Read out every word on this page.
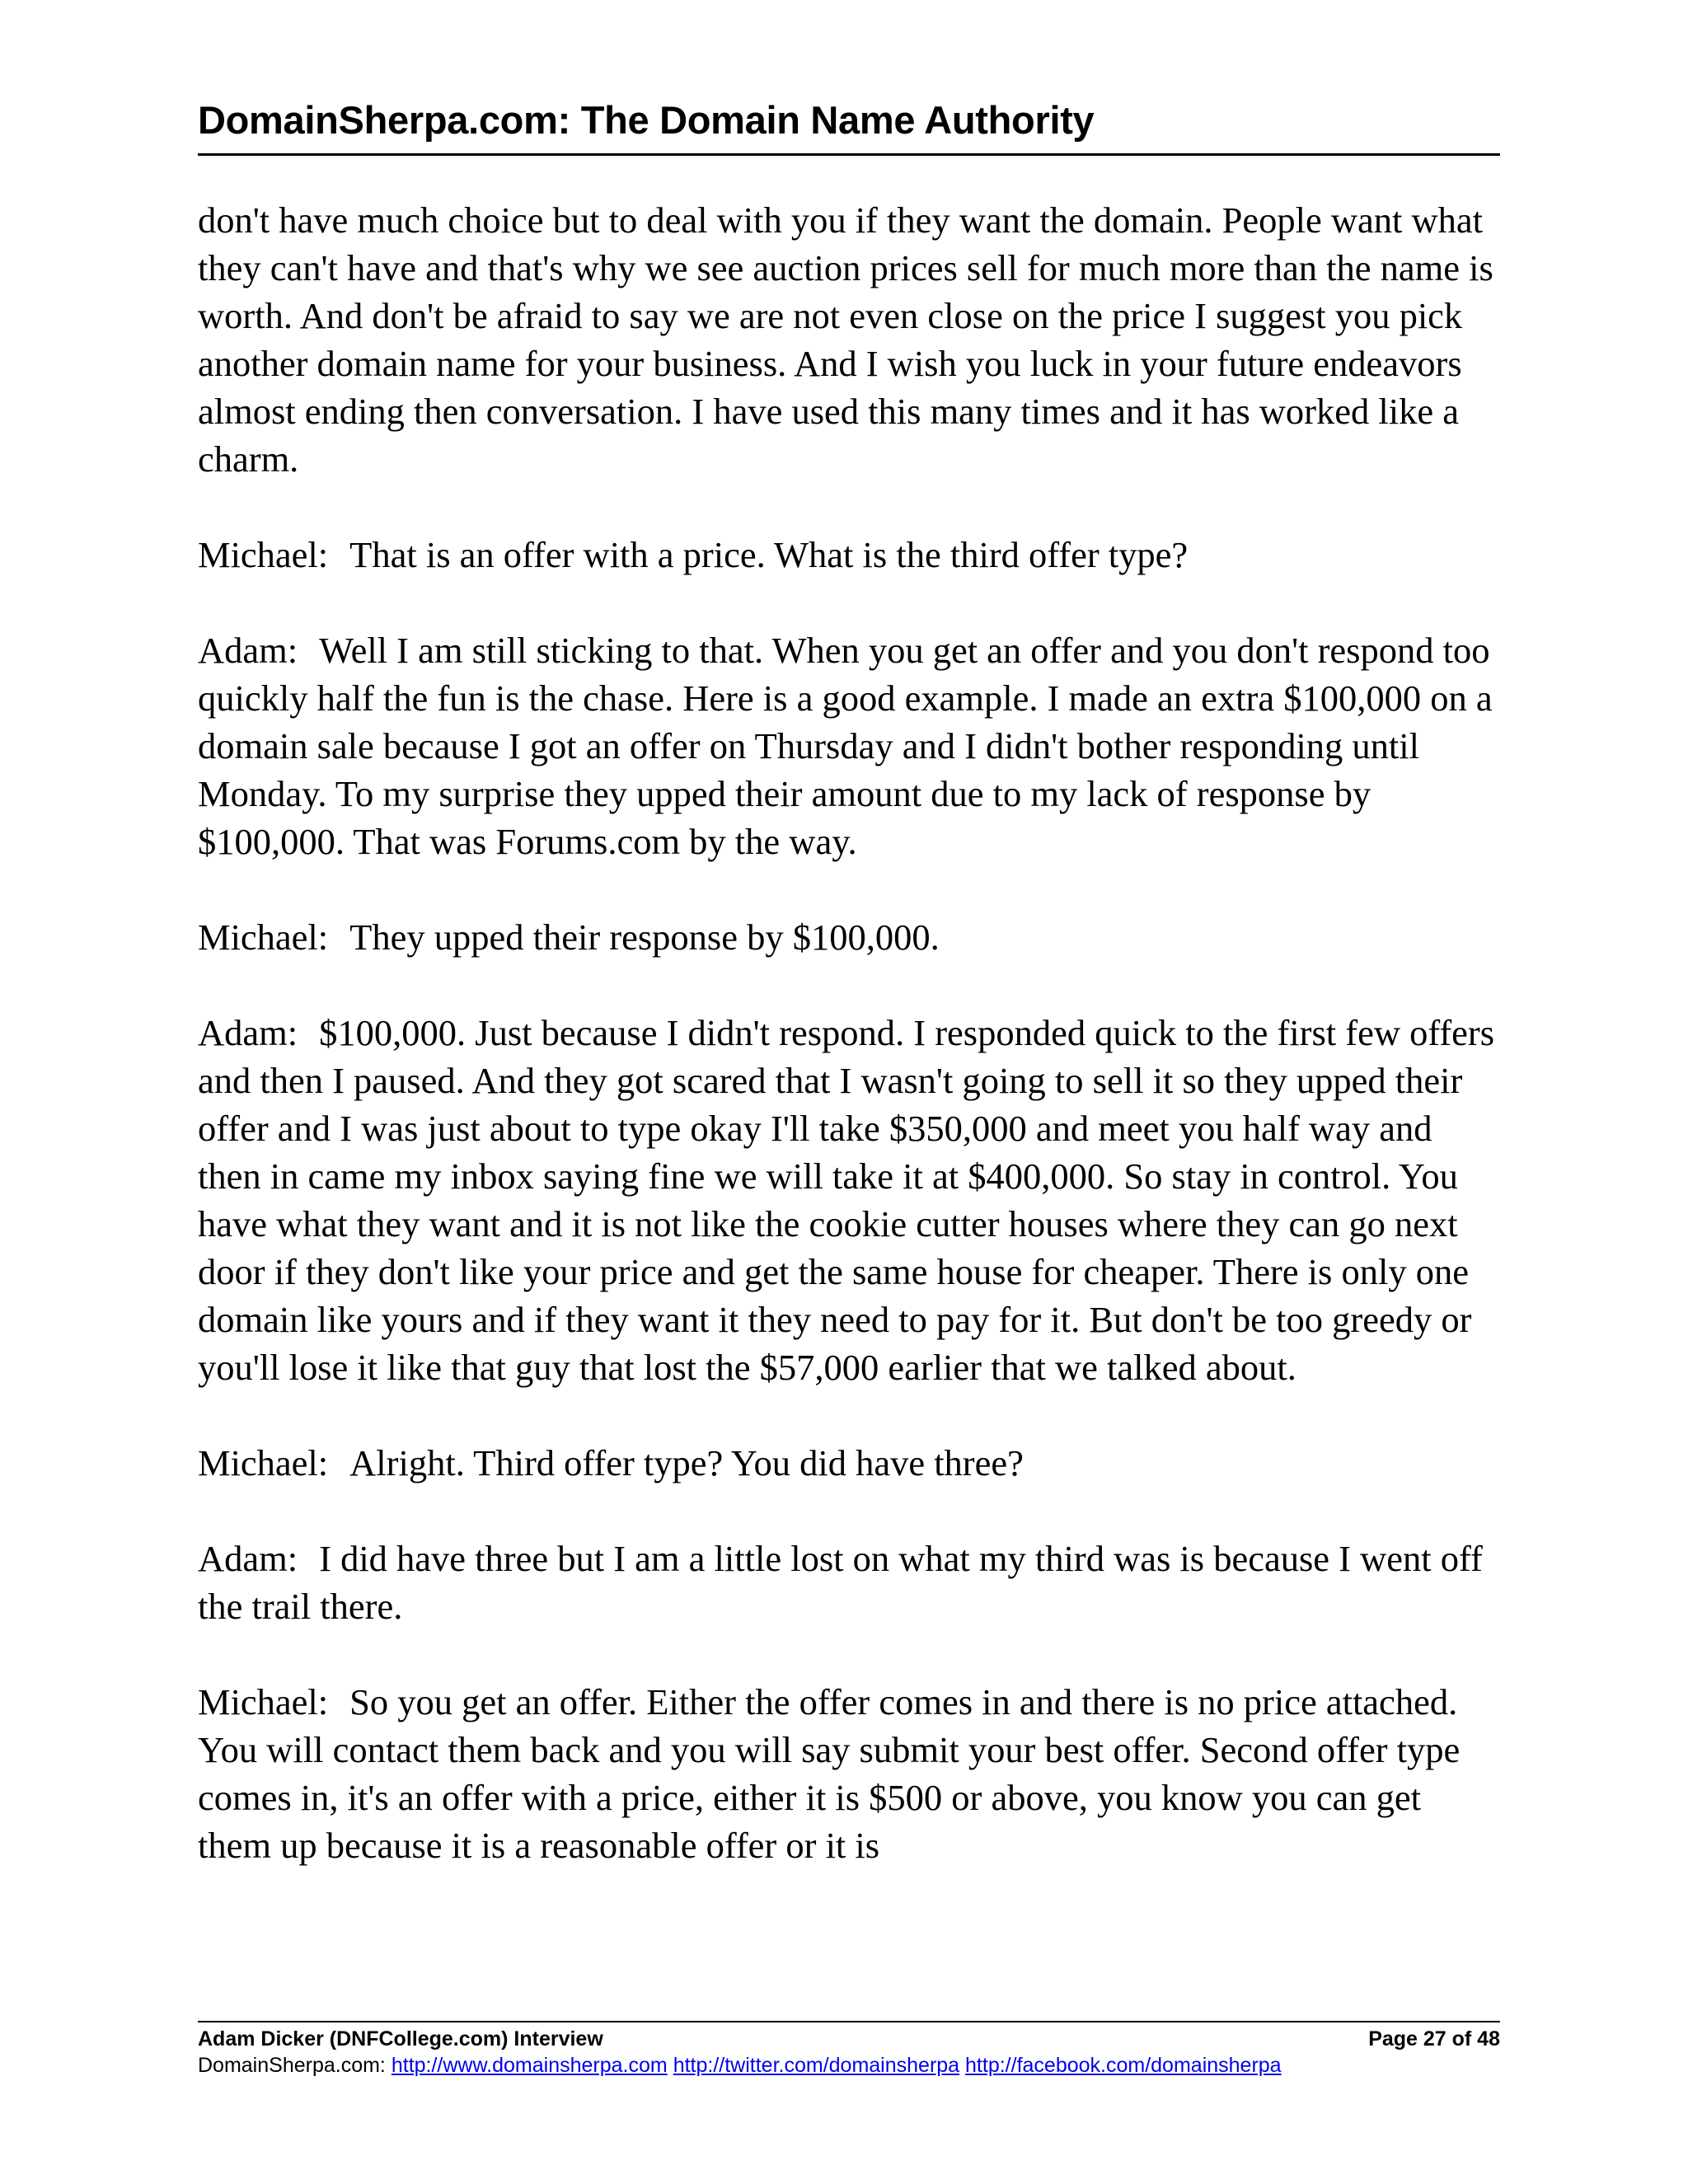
DomainSherpa.com: The Domain Name Authority

don't have much choice but to deal with you if they want the domain. People want what they can't have and that's why we see auction prices sell for much more than the name is worth. And don't be afraid to say we are not even close on the price I suggest you pick another domain name for your business. And I wish you luck in your future endeavors almost ending then conversation. I have used this many times and it has worked like a charm.

Michael: That is an offer with a price. What is the third offer type?

Adam: Well I am still sticking to that. When you get an offer and you don't respond too quickly half the fun is the chase. Here is a good example. I made an extra $100,000 on a domain sale because I got an offer on Thursday and I didn't bother responding until Monday. To my surprise they upped their amount due to my lack of response by $100,000. That was Forums.com by the way.

Michael: They upped their response by $100,000.

Adam: $100,000. Just because I didn't respond. I responded quick to the first few offers and then I paused. And they got scared that I wasn't going to sell it so they upped their offer and I was just about to type okay I'll take $350,000 and meet you half way and then in came my inbox saying fine we will take it at $400,000. So stay in control. You have what they want and it is not like the cookie cutter houses where they can go next door if they don't like your price and get the same house for cheaper. There is only one domain like yours and if they want it they need to pay for it. But don't be too greedy or you'll lose it like that guy that lost the $57,000 earlier that we talked about.

Michael: Alright. Third offer type? You did have three?

Adam: I did have three but I am a little lost on what my third was is because I went off the trail there.

Michael: So you get an offer. Either the offer comes in and there is no price attached. You will contact them back and you will say submit your best offer. Second offer type comes in, it's an offer with a price, either it is $500 or above, you know you can get them up because it is a reasonable offer or it is

Adam Dicker (DNFCollege.com) Interview	Page 27 of 48
DomainSherpa.com: http://www.domainsherpa.com http://twitter.com/domainsherpa http://facebook.com/domainsherpa
